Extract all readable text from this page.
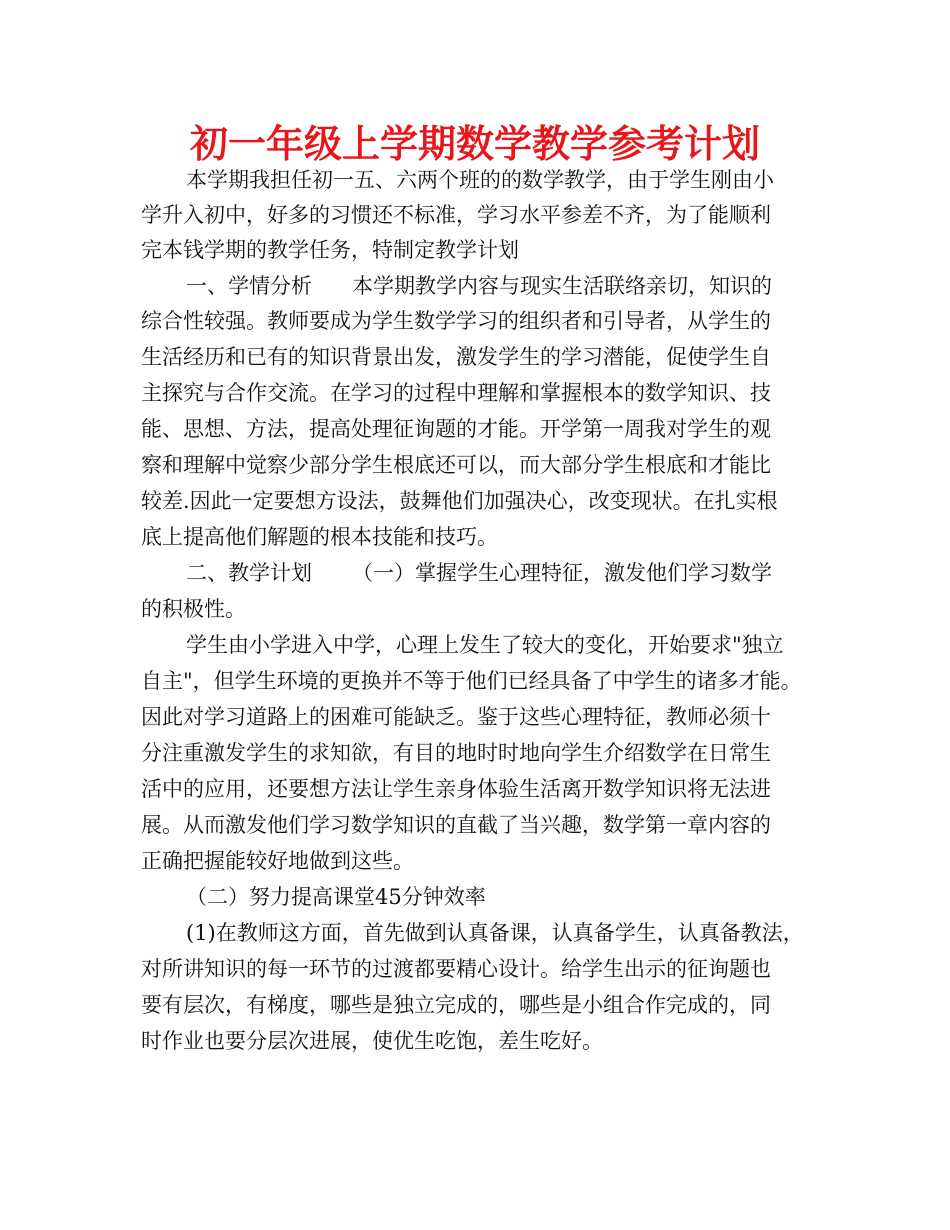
初一年级上学期数学教学参考计划

本学期我担任初一五、六两个班的的数学教学，由于学生刚由小

学升入初中，好多的习惯还不标准，学习水平参差不齐，为了能顺利

完本钱学期的教学任务，特制定教学计划

一、学情分析      本学期教学内容与现实生活联络亲切，知识的

综合性较强。教师要成为学生数学学习的组织者和引导者，从学生的

生活经历和已有的知识背景出发，激发学生的学习潜能，促使学生自

主探究与合作交流。在学习的过程中理解和掌握根本的数学知识、技

能、思想、方法，提高处理征询题的才能。开学第一周我对学生的观

察和理解中觉察少部分学生根底还可以，而大部分学生根底和才能比

较差.因此一定要想方设法，鼓舞他们加强决心，改变现状。在扎实根

底上提高他们解题的根本技能和技巧。

二、教学计划      （一）掌握学生心理特征，激发他们学习数学

的积极性。

学生由小学进入中学，心理上发生了较大的变化，开始要求"独立

自主"，但学生环境的更换并不等于他们已经具备了中学生的诸多才能。

因此对学习道路上的困难可能缺乏。鉴于这些心理特征，教师必须十

分注重激发学生的求知欲，有目的地时时地向学生介绍数学在日常生

活中的应用，还要想方法让学生亲身体验生活离开数学知识将无法进

展。从而激发他们学习数学知识的直截了当兴趣，数学第一章内容的

正确把握能较好地做到这些。

（二）努力提高课堂45分钟效率

(1)在教师这方面，首先做到认真备课，认真备学生，认真备教法，

对所讲知识的每一环节的过渡都要精心设计。给学生出示的征询题也

要有层次，有梯度，哪些是独立完成的，哪些是小组合作完成的，同

时作业也要分层次进展，使优生吃饱，差生吃好。
